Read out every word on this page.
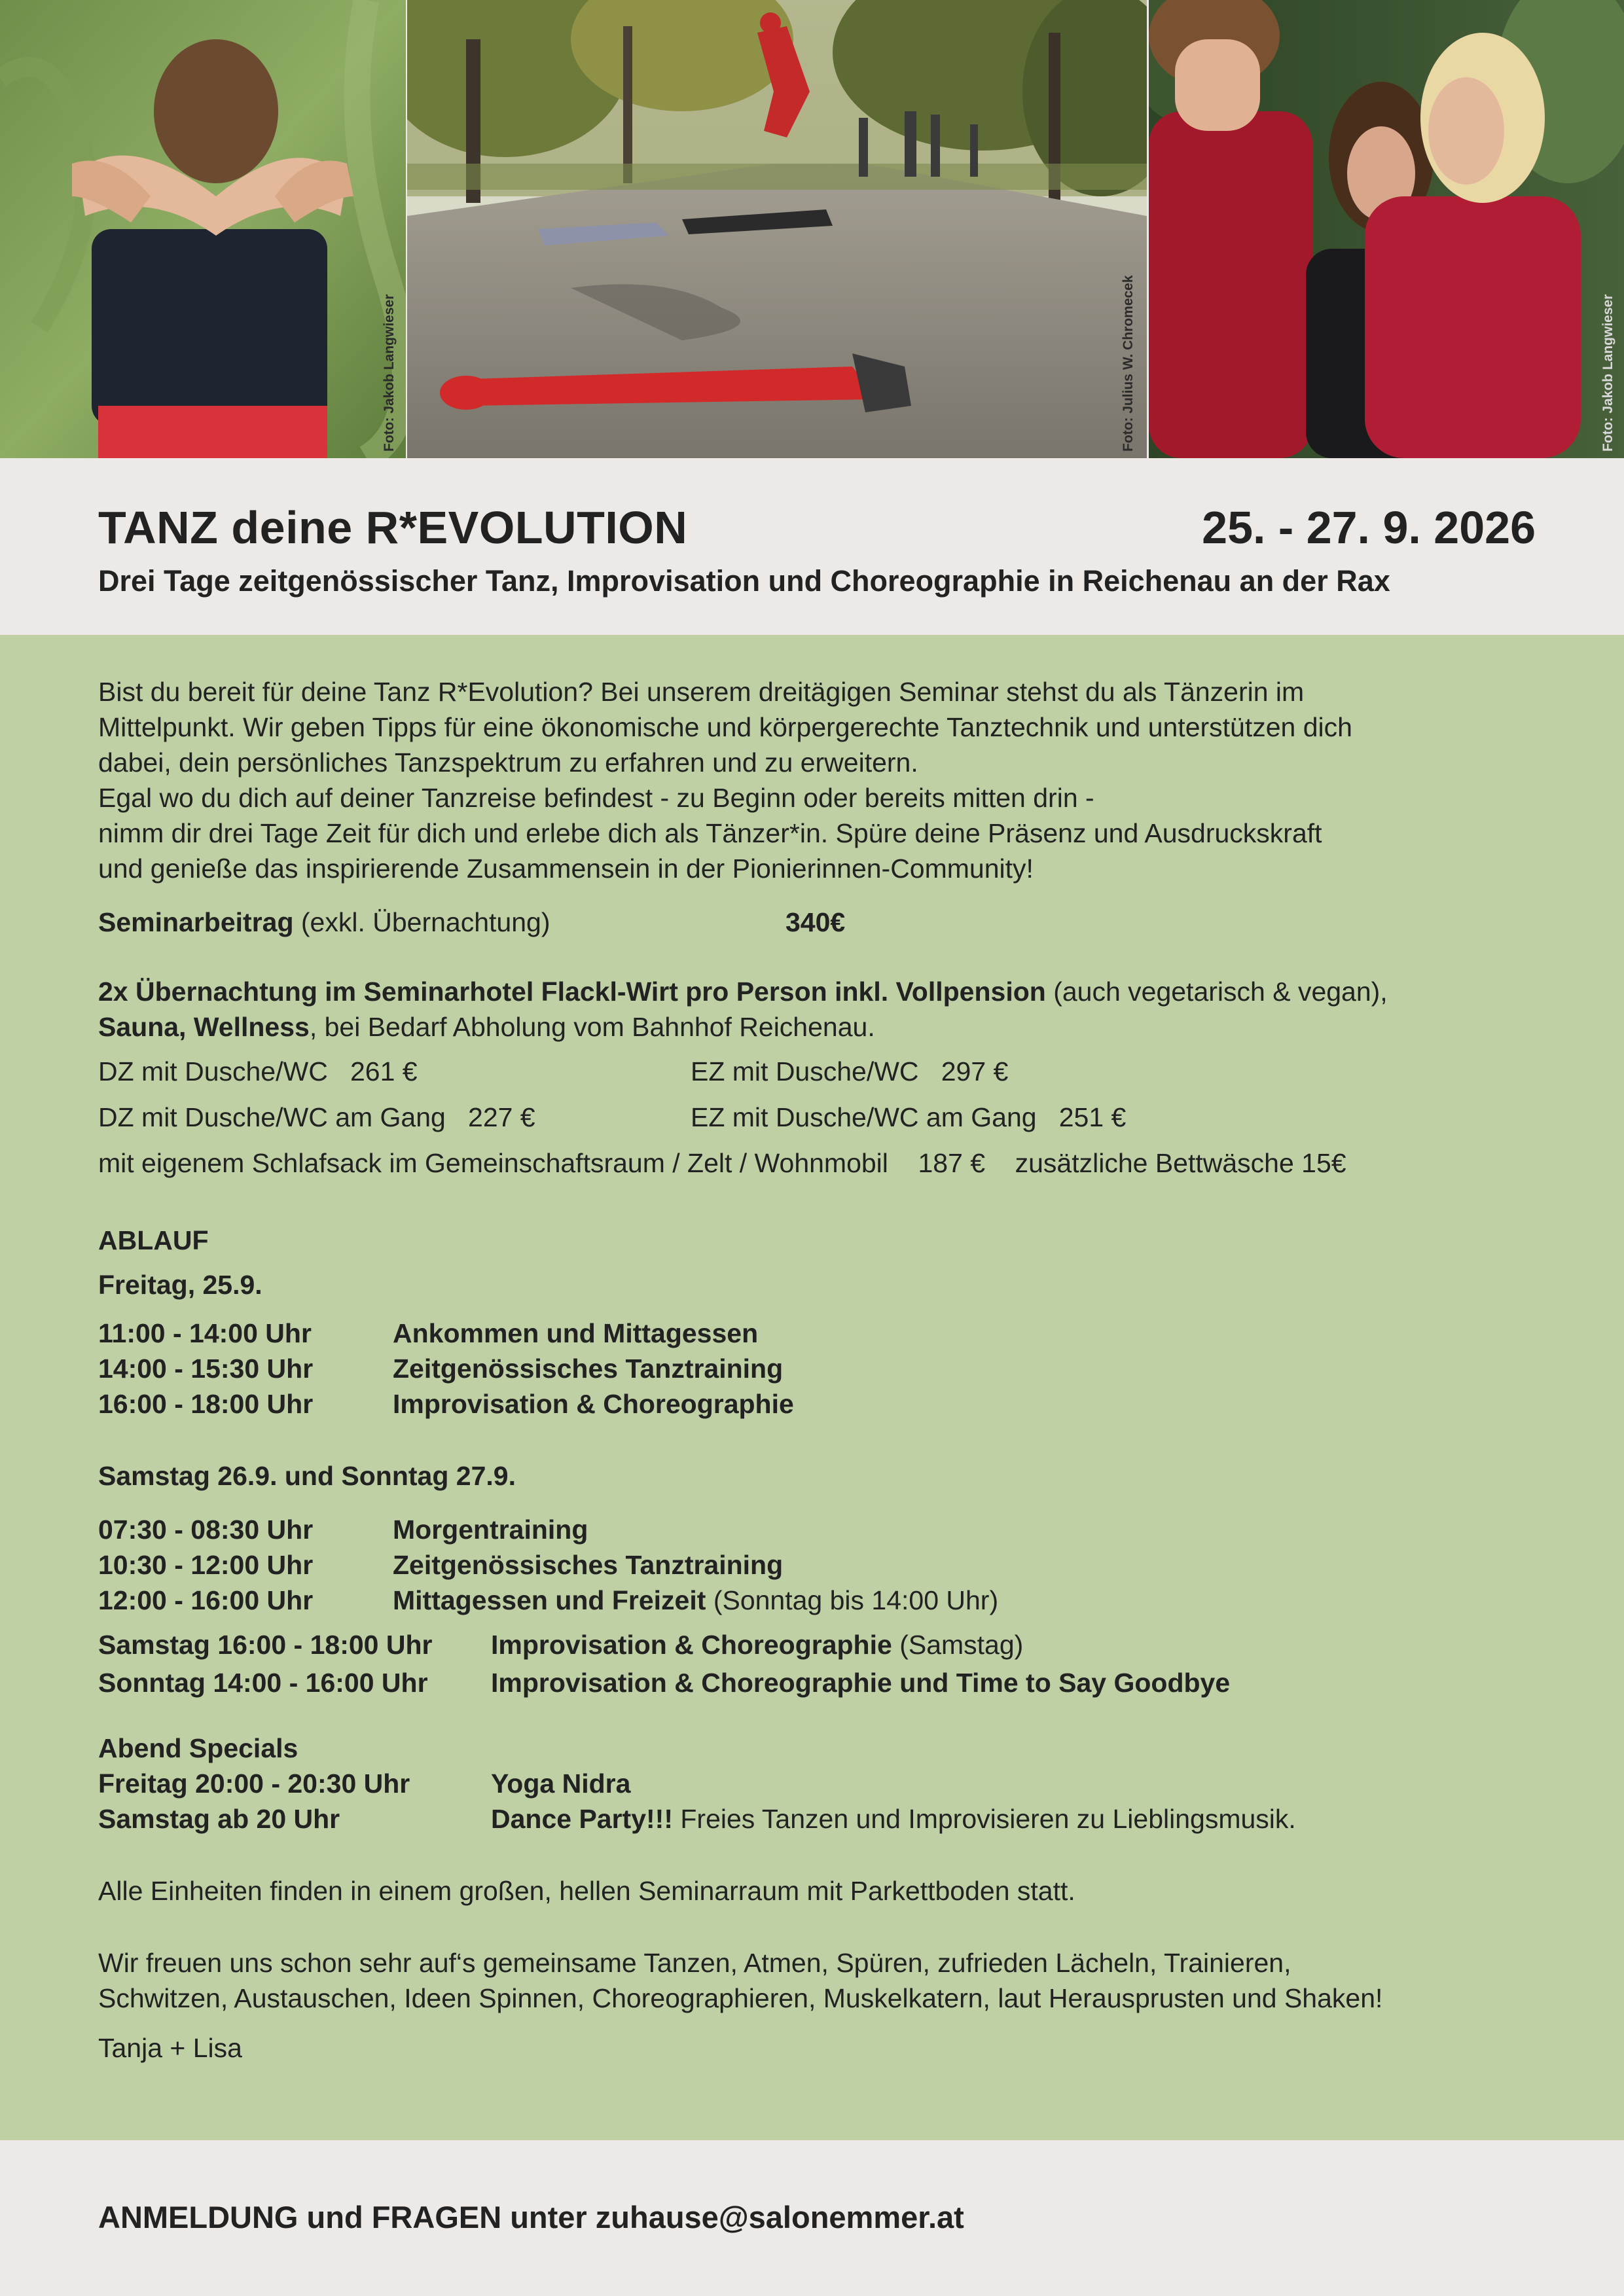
Foto: Jakob Langwieser	Foto: Julius W. Chromecek	Foto: Jakob Langwieser
TANZ deine R*EVOLUTION	25. - 27. 9. 2026
Drei Tage zeitgenössischer Tanz, Improvisation und Choreographie in Reichenau an der Rax

Bist du bereit für deine Tanz R*Evolution? Bei unserem dreitägigen Seminar stehst du als Tänzerin im

Mittelpunkt. Wir geben Tipps für eine ökonomische und körpergerechte Tanztechnik und unterstützen dich

dabei, dein persönliches Tanzspektrum zu erfahren und zu erweitern.

Egal wo du dich auf deiner Tanzreise befindest - zu Beginn oder bereits mitten drin -

nimm dir drei Tage Zeit für dich und erlebe dich als Tänzer*in. Spüre deine Präsenz und Ausdruckskraft

und genieße das inspirierende Zusammensein in der Pionierinnen-Community!

Seminarbeitrag (exkl. Übernachtung)	340€

2x Übernachtung im Seminarhotel Flackl-Wirt pro Person inkl. Vollpension (auch vegetarisch & vegan),

Sauna, Wellness, bei Bedarf Abholung vom Bahnhof Reichenau.

DZ mit Dusche/WC   261 €	EZ mit Dusche/WC   297 €
DZ mit Dusche/WC am Gang   227 €	EZ mit Dusche/WC am Gang   251 €

mit eigenem Schlafsack im Gemeinschaftsraum / Zelt / Wohnmobil    187 €    zusätzliche Bettwäsche 15€

ABLAUF

Freitag, 25.9.

11:00 - 14:00 Uhr	Ankommen und Mittagessen
14:00 - 15:30 Uhr	Zeitgenössisches Tanztraining
16:00 - 18:00 Uhr	Improvisation & Choreographie

Samstag 26.9. und Sonntag 27.9.

07:30 - 08:30 Uhr	Morgentraining
10:30 - 12:00 Uhr	Zeitgenössisches Tanztraining
12:00 - 16:00 Uhr	Mittagessen und Freizeit (Sonntag bis 14:00 Uhr)
Samstag 16:00 - 18:00 Uhr	Improvisation & Choreographie (Samstag)
Sonntag 14:00 - 16:00 Uhr	Improvisation & Choreographie und Time to Say Goodbye

Abend Specials

Freitag 20:00 - 20:30 Uhr	Yoga Nidra
Samstag ab 20 Uhr	Dance Party!!! Freies Tanzen und Improvisieren zu Lieblingsmusik.

Alle Einheiten finden in einem großen, hellen Seminarraum mit Parkettboden statt.

Wir freuen uns schon sehr auf‘s gemeinsame Tanzen, Atmen, Spüren, zufrieden Lächeln, Trainieren,

Schwitzen, Austauschen, Ideen Spinnen, Choreographieren, Muskelkatern, laut Herausprusten und Shaken!

Tanja + Lisa

ANMELDUNG und FRAGEN unter zuhause@salonemmer.at
